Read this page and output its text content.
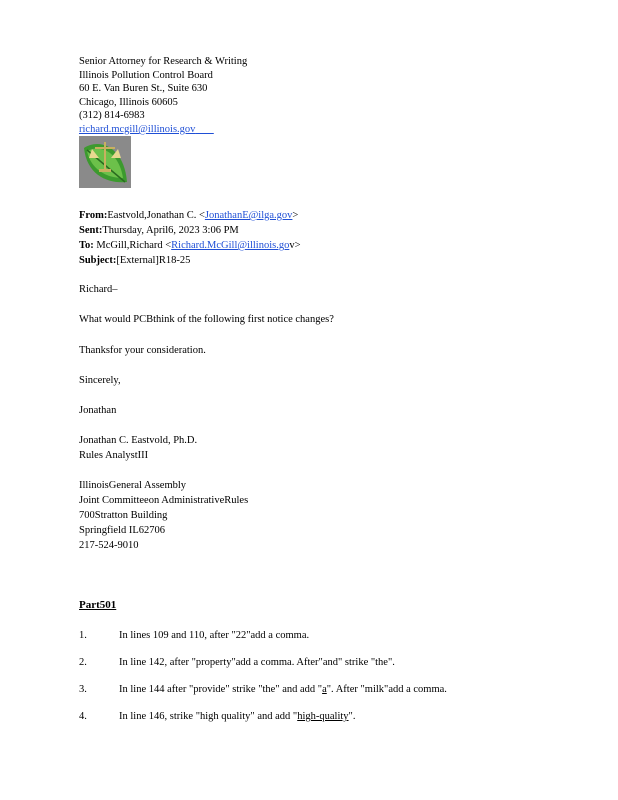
Senior Attorney for Research & Writing
Illinois Pollution Control Board
60 E. Van Buren St., Suite 630
Chicago, Illinois 60605
(312) 814-6983
richard.mcgill@illinois.gov
From:Eastvold,Jonathan C. <JonathanE@ilga.gov>
Sent:Thursday, April6, 2023 3:06 PM
To: McGill,Richard <Richard.McGill@illinois.gov>
Subject:[External]R18-25
Richard–
What would PCBthink of the following first notice changes?
Thanksfor your consideration.
Sincerely,
Jonathan
Jonathan C. Eastvold, Ph.D.
Rules AnalystIII
IllinoisGeneral Assembly
Joint Committeeon AdministrativeRules
700Stratton Building
Springfield IL62706
217-524-9010
Part501
1.	In lines 109 and 110, after "22"add a comma.
2.	In line 142, after "property"add a comma. After"and" strike "the".
3.	In line 144 after "provide" strike "the" and add "a". After "milk"add a comma.
4.	In line 146, strike "high quality" and add "high-quality".
